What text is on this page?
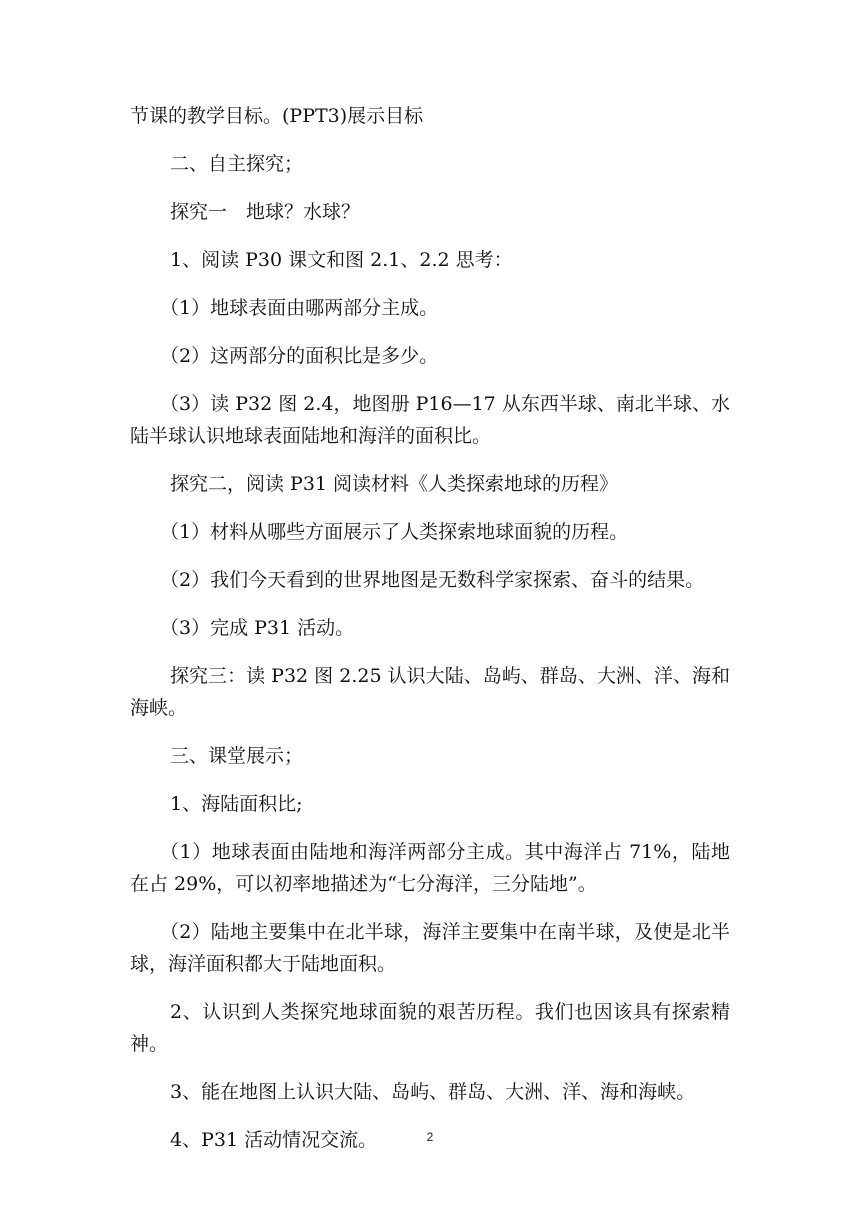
节课的教学目标。(PPT3)展示目标

二、自主探究；

探究一　地球？水球？

1、阅读 P30 课文和图 2.1、2.2 思考：

（1）地球表面由哪两部分主成。

（2）这两部分的面积比是多少。

（3）读 P32 图 2.4，地图册 P16—17 从东西半球、南北半球、水陆半球认识地球表面陆地和海洋的面积比。

探究二，阅读 P31 阅读材料《人类探索地球的历程》

（1）材料从哪些方面展示了人类探索地球面貌的历程。

（2）我们今天看到的世界地图是无数科学家探索、奋斗的结果。

（3）完成 P31 活动。

探究三：读 P32 图 2.25 认识大陆、岛屿、群岛、大洲、洋、海和海峡。

三、课堂展示；

1、海陆面积比;

（1）地球表面由陆地和海洋两部分主成。其中海洋占 71%，陆地在占 29%，可以初率地描述为“七分海洋，三分陆地”。

（2）陆地主要集中在北半球，海洋主要集中在南半球，及使是北半球，海洋面积都大于陆地面积。

2、认识到人类探究地球面貌的艰苦历程。我们也因该具有探索精神。

3、能在地图上认识大陆、岛屿、群岛、大洲、洋、海和海峡。

4、P31 活动情况交流。	2
